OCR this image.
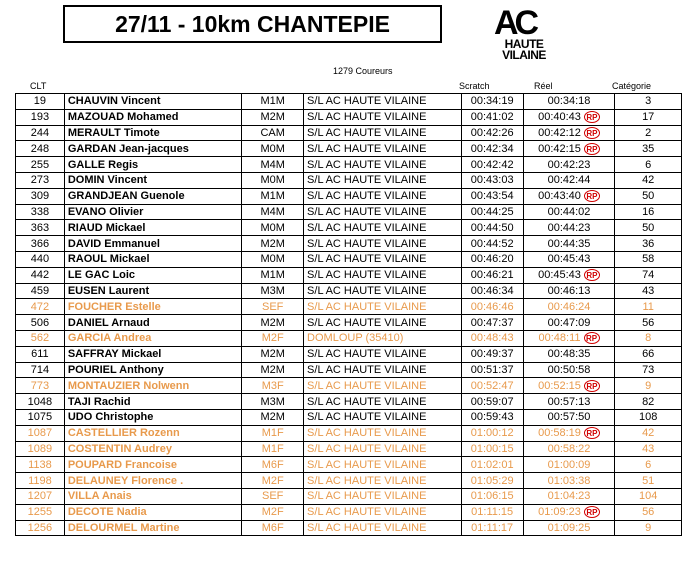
27/11 - 10km CHANTEPIE	AC
HAUTE
VILAINE
1279 Coureurs
CLT	Scratch	Réel	Catégorie
19	CHAUVIN Vincent	M1M	S/L AC HAUTE VILAINE	00:34:19	00:34:18	3
193	MAZOUAD Mohamed	M2M	S/L AC HAUTE VILAINE	00:41:02	00:40:43 RP	17
244	MERAULT Timote	CAM	S/L AC HAUTE VILAINE	00:42:26	00:42:12 RP	2
248	GARDAN Jean-jacques	M0M	S/L AC HAUTE VILAINE	00:42:34	00:42:15 RP	35
255	GALLE Regis	M4M	S/L AC HAUTE VILAINE	00:42:42	00:42:23	6
273	DOMIN Vincent	M0M	S/L AC HAUTE VILAINE	00:43:03	00:42:44	42
309	GRANDJEAN Guenole	M1M	S/L AC HAUTE VILAINE	00:43:54	00:43:40 RP	50
338	EVANO Olivier	M4M	S/L AC HAUTE VILAINE	00:44:25	00:44:02	16
363	RIAUD Mickael	M0M	S/L AC HAUTE VILAINE	00:44:50	00:44:23	50
366	DAVID Emmanuel	M2M	S/L AC HAUTE VILAINE	00:44:52	00:44:35	36
440	RAOUL Mickael	M0M	S/L AC HAUTE VILAINE	00:46:20	00:45:43	58
442	LE GAC Loic	M1M	S/L AC HAUTE VILAINE	00:46:21	00:45:43 RP	74
459	EUSEN Laurent	M3M	S/L AC HAUTE VILAINE	00:46:34	00:46:13	43
472	FOUCHER Estelle	SEF	S/L AC HAUTE VILAINE	00:46:46	00:46:24	11
506	DANIEL Arnaud	M2M	S/L AC HAUTE VILAINE	00:47:37	00:47:09	56
562	GARCIA Andrea	M2F	DOMLOUP (35410)	00:48:43	00:48:11 RP	8
611	SAFFRAY Mickael	M2M	S/L AC HAUTE VILAINE	00:49:37	00:48:35	66
714	POURIEL Anthony	M2M	S/L AC HAUTE VILAINE	00:51:37	00:50:58	73
773	MONTAUZIER Nolwenn	M3F	S/L AC HAUTE VILAINE	00:52:47	00:52:15 RP	9
1048	TAJI Rachid	M3M	S/L AC HAUTE VILAINE	00:59:07	00:57:13	82
1075	UDO Christophe	M2M	S/L AC HAUTE VILAINE	00:59:43	00:57:50	108
1087	CASTELLIER Rozenn	M1F	S/L AC HAUTE VILAINE	01:00:12	00:58:19 RP	42
1089	COSTENTIN Audrey	M1F	S/L AC HAUTE VILAINE	01:00:15	00:58:22	43
1138	POUPARD Francoise	M6F	S/L AC HAUTE VILAINE	01:02:01	01:00:09	6
1198	DELAUNEY Florence .	M2F	S/L AC HAUTE VILAINE	01:05:29	01:03:38	51
1207	VILLA Anais	SEF	S/L AC HAUTE VILAINE	01:06:15	01:04:23	104
1255	DECOTE Nadia	M2F	S/L AC HAUTE VILAINE	01:11:15	01:09:23 RP	56
1256	DELOURMEL Martine	M6F	S/L AC HAUTE VILAINE	01:11:17	01:09:25	9
